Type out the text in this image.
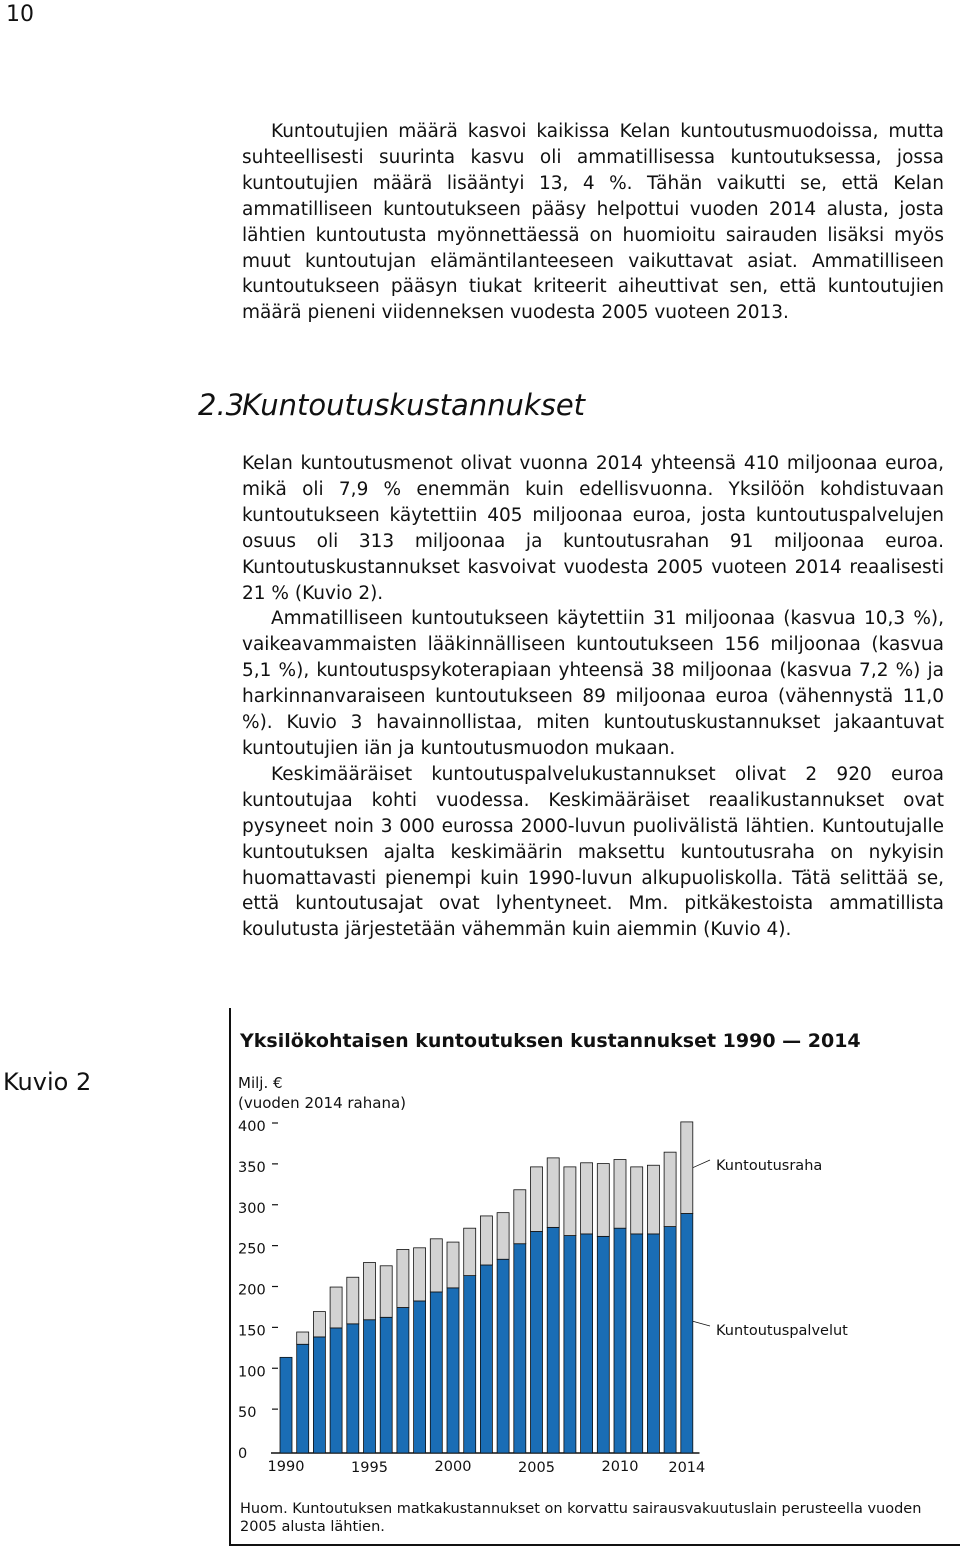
10

Kuntoutujien määrä kasvoi kaikissa Kelan kuntoutusmuodoissa, mutta suhteellisesti suurinta kasvu oli ammatillisessa kuntoutuksessa, jossa kuntoutujien määrä lisääntyi 13, 4 %. Tähän vaikutti se, että Kelan ammatilliseen kuntoutukseen pääsy helpottui vuoden 2014 alusta, josta lähtien kuntoutusta myönnettäessä on huomioitu sairauden lisäksi myös muut kuntoutujan elämäntilanteeseen vaikuttavat asiat. Ammatilliseen kuntoutukseen pääsyn tiukat kriteerit aiheuttivat sen, että kuntoutujien määrä pieneni viidenneksen vuodesta 2005 vuoteen 2013.

2.3
Kuntoutuskustannukset

Kelan kuntoutusmenot olivat vuonna 2014 yhteensä 410 miljoonaa euroa, mikä oli 7,9 % enemmän kuin edellisvuonna. Yksilöön kohdistuvaan kuntoutukseen käytettiin 405 miljoonaa euroa, josta kuntoutuspalvelujen osuus oli 313 miljoonaa ja kuntoutusrahan 91 miljoonaa euroa. Kuntoutuskustannukset kasvoivat vuodesta 2005 vuoteen 2014 reaalisesti 21 % (Kuvio 2).

Ammatilliseen kuntoutukseen käytettiin 31 miljoonaa (kasvua 10,3 %), vaikeavammaisten lääkinnälliseen kuntoutukseen 156 miljoonaa (kasvua 5,1 %), kuntoutuspsykoterapiaan yhteensä 38 miljoonaa (kasvua 7,2 %) ja harkinnanvaraiseen kuntoutukseen 89 miljoonaa euroa (vähennystä 11,0 %). Kuvio 3 havainnollistaa, miten kuntoutuskustannukset jakaantuvat kuntoutujien iän ja kuntoutusmuodon mukaan.

Keskimääräiset kuntoutuspalvelukustannukset olivat 2 920 euroa kuntoutujaa kohti vuodessa. Keskimääräiset reaalikustannukset ovat pysyneet noin 3 000 eurossa 2000-luvun puolivälistä lähtien. Kuntoutujalle kuntoutuksen ajalta keskimäärin maksettu kuntoutusraha on nykyisin huomattavasti pienempi kuin 1990-luvun alkupuoliskolla. Tätä selittää se, että kuntoutusajat ovat lyhentyneet. Mm. pitkäkestoista ammatillista koulutusta järjestetään vähemmän kuin aiemmin (Kuvio 4).

Kuvio 2
Yksilökohtaisen kuntoutuksen kustannukset 1990 — 2014
Milj. €
(vuoden 2014 rahana)
0
50
100
150
200
250
300
350
400
1990	1995	2000	2005	2010 2014
Kuntoutusraha
Kuntoutuspalvelut
Huom. Kuntoutuksen matkakustannukset on korvattu sairausvakuutuslain perusteella vuoden 2005 alusta lähtien.
